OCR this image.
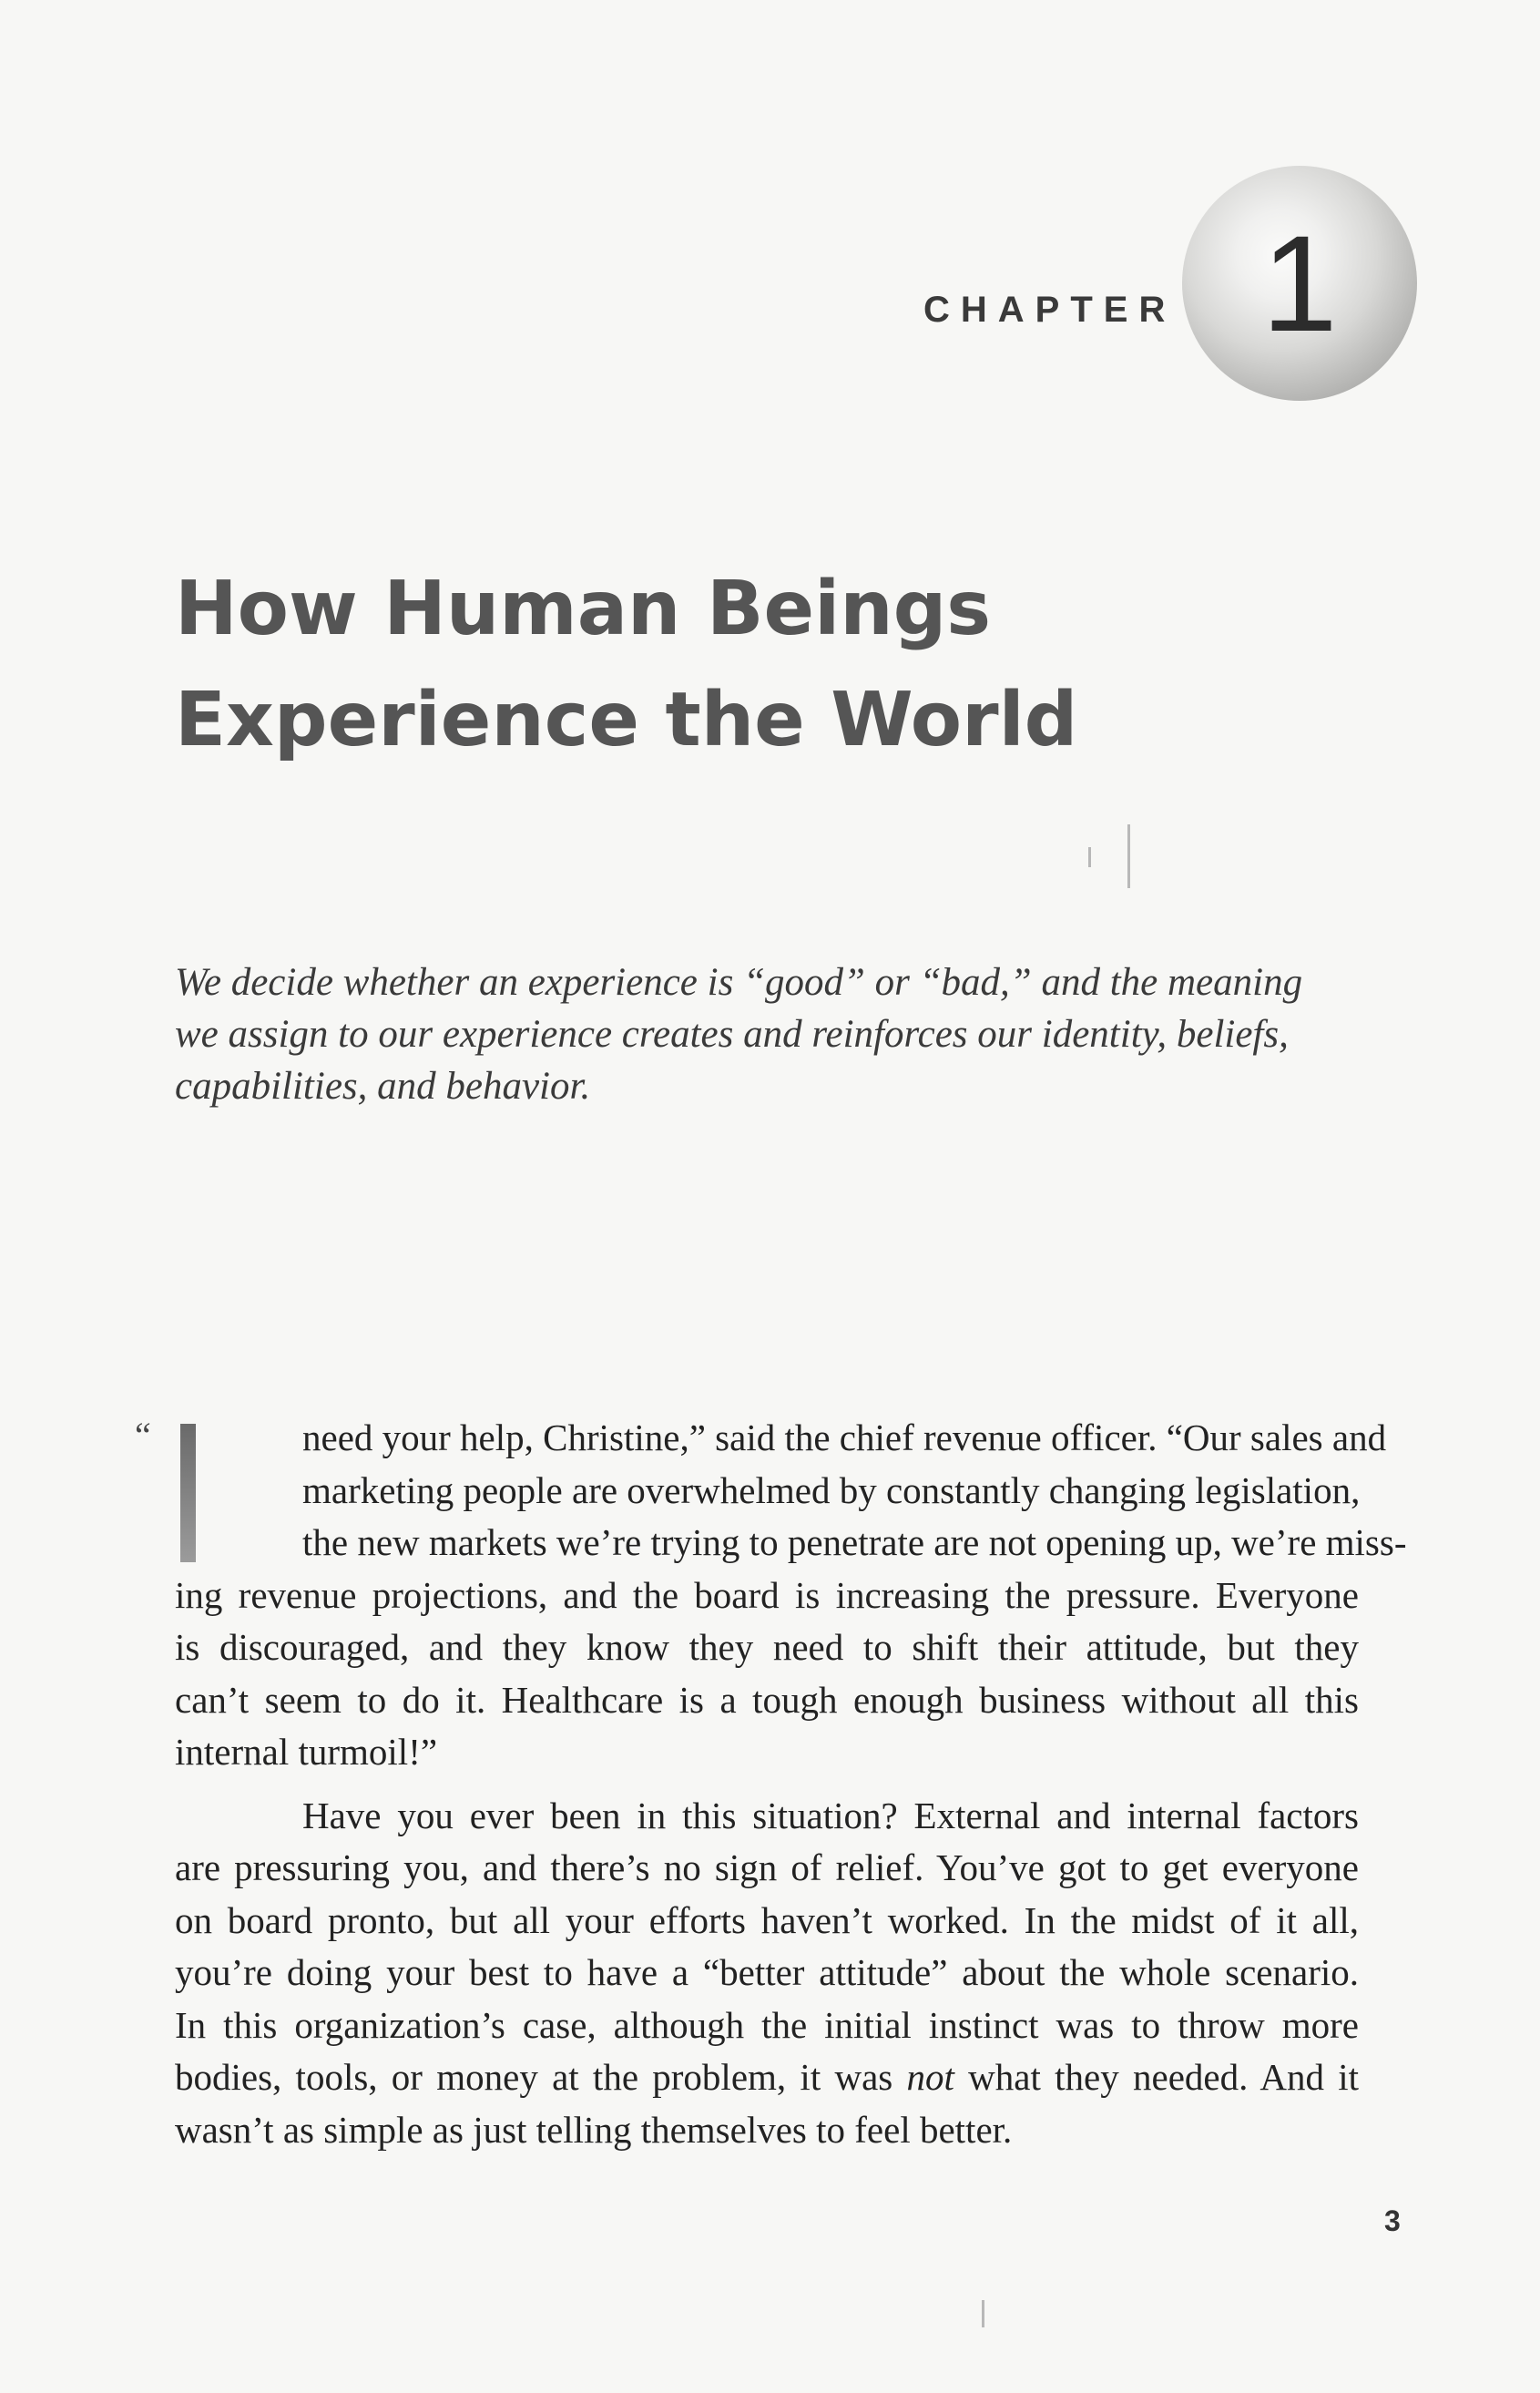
CHAPTER 1
How Human Beings
Experience the World
We decide whether an experience is “good” or “bad,” and the meaning
we assign to our experience creates and reinforces our identity, beliefs,
capabilities, and behavior.
“	need your help, Christine,” said the chief revenue officer. “Our sales and
marketing people are overwhelmed by constantly changing legislation,
the new markets we’re trying to penetrate are not opening up, we’re miss-
ing revenue projections, and the board is increasing the pressure. Everyone
is discouraged, and they know they need to shift their attitude, but they
can’t seem to do it. Healthcare is a tough enough business without all this
internal turmoil!”
Have you ever been in this situation? External and internal factors
are pressuring you, and there’s no sign of relief. You’ve got to get everyone
on board pronto, but all your efforts haven’t worked. In the midst of it all,
you’re doing your best to have a “better attitude” about the whole scenario.
In this organization’s case, although the initial instinct was to throw more
bodies, tools, or money at the problem, it was not what they needed. And it
wasn’t as simple as just telling themselves to feel better.
3
